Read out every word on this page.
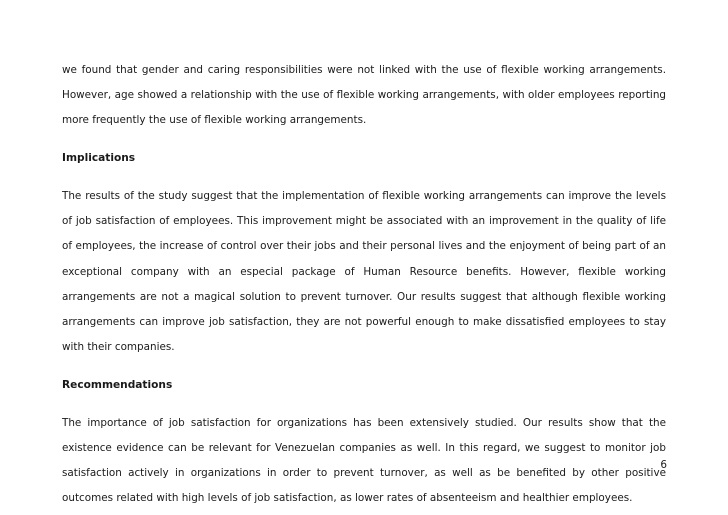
we found that gender and caring responsibilities were not linked with the use of flexible working arrangements. However, age showed a relationship with the use of flexible working arrangements, with older employees reporting more frequently the use of flexible working arrangements.

Implications

The results of the study suggest that the implementation of flexible working arrangements can improve the levels of job satisfaction of employees. This improvement might be associated with an improvement in the quality of life of employees, the increase of control over their jobs and their personal lives and the enjoyment of being part of an exceptional company with an especial package of Human Resource benefits. However, flexible working arrangements are not a magical solution to prevent turnover. Our results suggest that although flexible working arrangements can improve job satisfaction, they are not powerful enough to make dissatisfied employees to stay with their companies.

Recommendations

The importance of job satisfaction for organizations has been extensively studied. Our results show that the existence evidence can be relevant for Venezuelan companies as well. In this regard, we suggest to monitor job satisfaction actively in organizations in order to prevent turnover, as well as be benefited by other positive outcomes related with high levels of job satisfaction, as lower rates of absenteeism and healthier employees.

6
